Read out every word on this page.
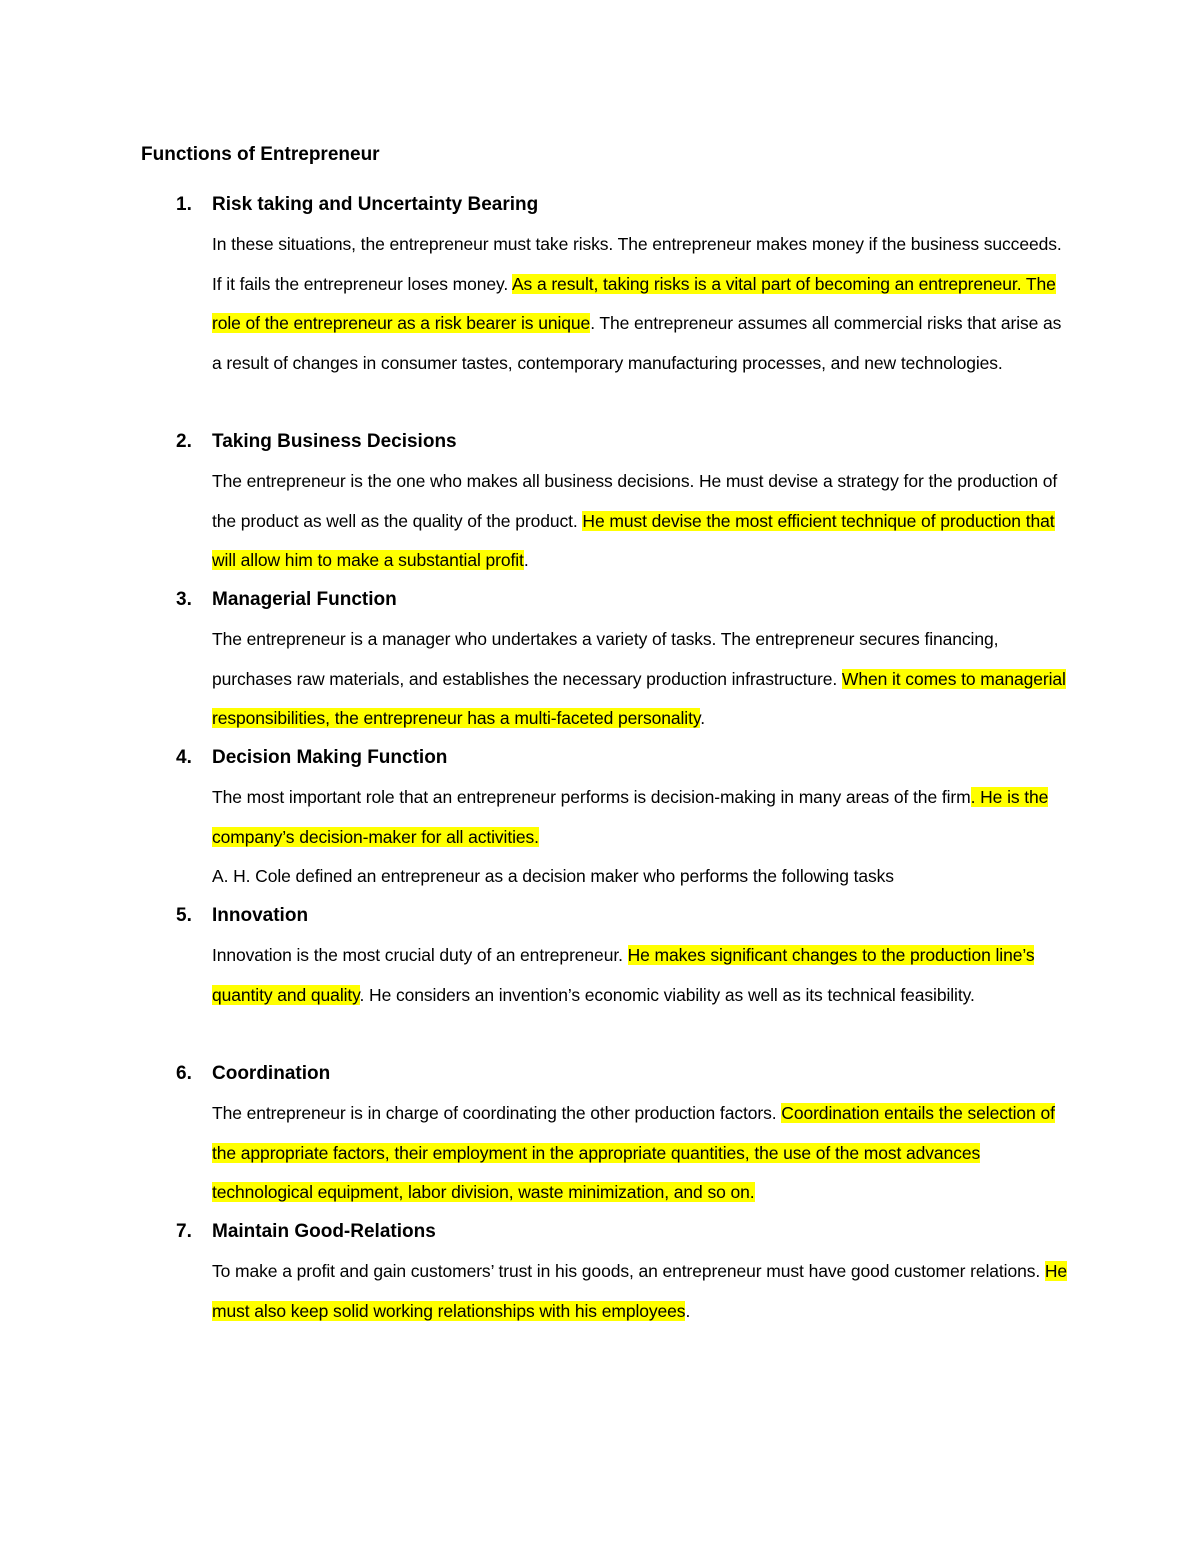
Functions of Entrepreneur
1. Risk taking and Uncertainty Bearing
In these situations, the entrepreneur must take risks. The entrepreneur makes money if the business succeeds. If it fails the entrepreneur loses money. As a result, taking risks is a vital part of becoming an entrepreneur. The role of the entrepreneur as a risk bearer is unique. The entrepreneur assumes all commercial risks that arise as a result of changes in consumer tastes, contemporary manufacturing processes, and new technologies.
2. Taking Business Decisions
The entrepreneur is the one who makes all business decisions. He must devise a strategy for the production of the product as well as the quality of the product. He must devise the most efficient technique of production that will allow him to make a substantial profit.
3. Managerial Function
The entrepreneur is a manager who undertakes a variety of tasks. The entrepreneur secures financing, purchases raw materials, and establishes the necessary production infrastructure. When it comes to managerial responsibilities, the entrepreneur has a multi-faceted personality.
4. Decision Making Function
The most important role that an entrepreneur performs is decision-making in many areas of the firm. He is the company’s decision-maker for all activities.
A. H. Cole defined an entrepreneur as a decision maker who performs the following tasks
5. Innovation
Innovation is the most crucial duty of an entrepreneur. He makes significant changes to the production line’s quantity and quality. He considers an invention’s economic viability as well as its technical feasibility.
6. Coordination
The entrepreneur is in charge of coordinating the other production factors. Coordination entails the selection of the appropriate factors, their employment in the appropriate quantities, the use of the most advances technological equipment, labor division, waste minimization, and so on.
7. Maintain Good-Relations
To make a profit and gain customers’ trust in his goods, an entrepreneur must have good customer relations. He must also keep solid working relationships with his employees.
